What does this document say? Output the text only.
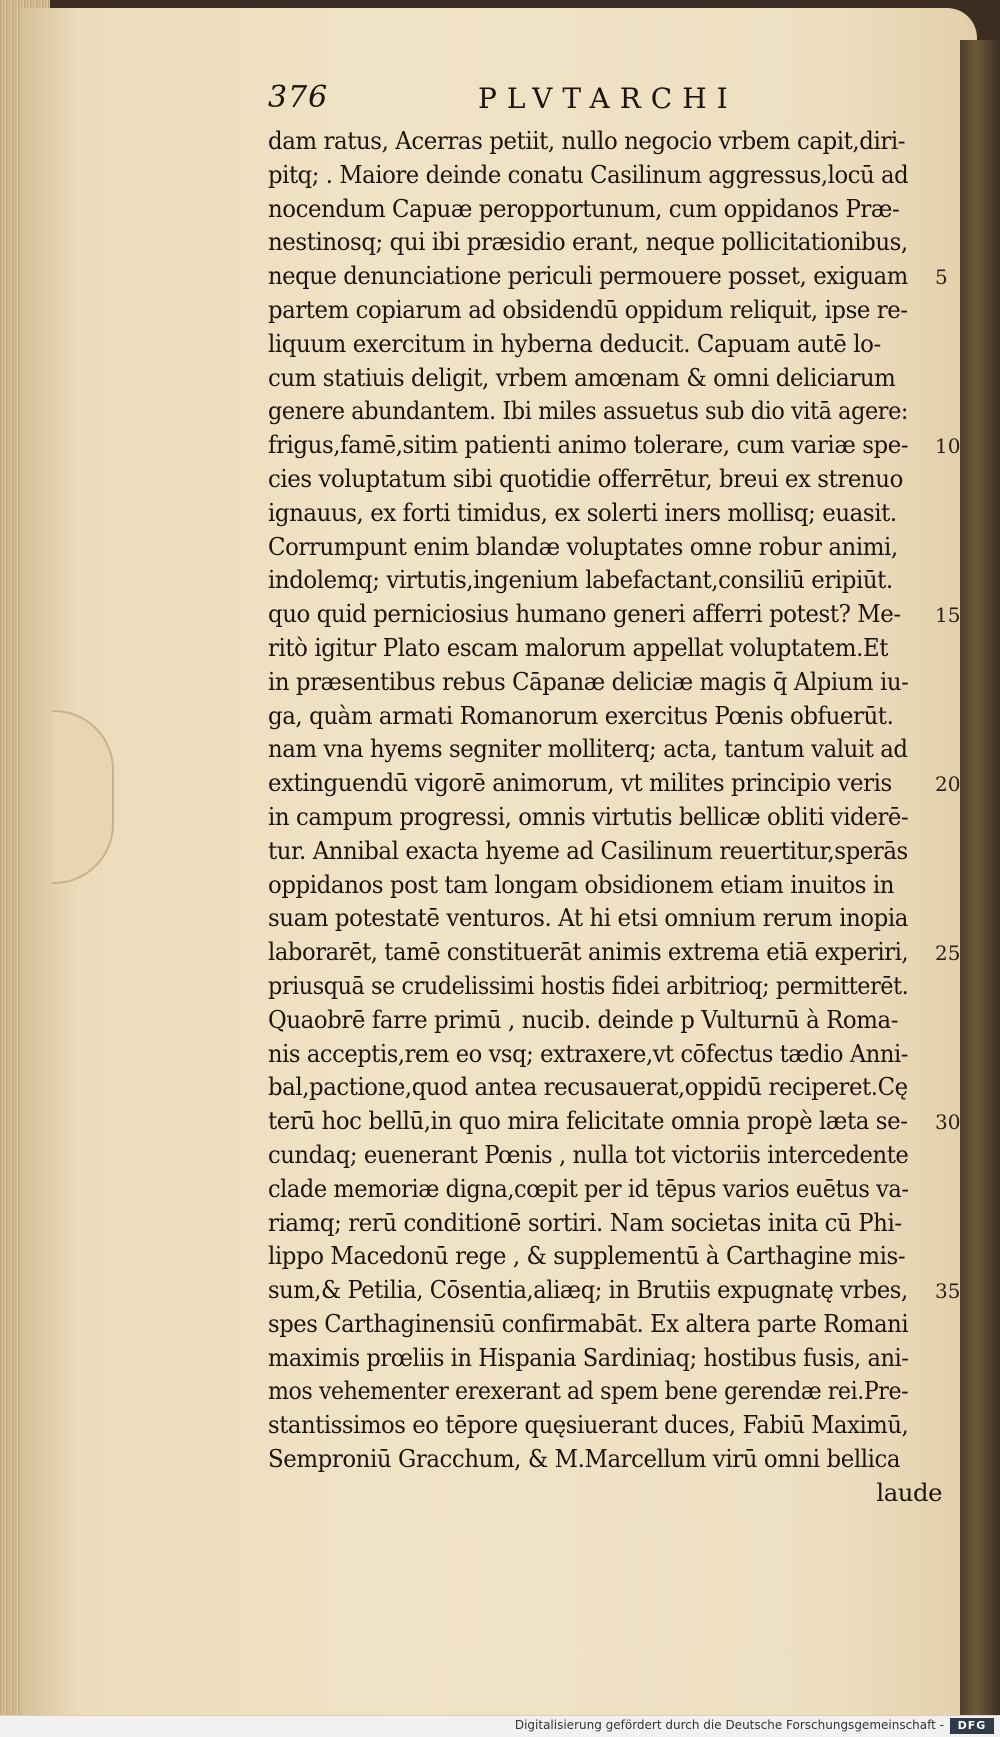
376	PLVTARCHI
dam ratus, Acerras petiit, nullo negocio vrbem capit,diri-
pitq; . Maiore deinde conatu Casilinum aggressus,locū ad
nocendum Capuæ peropportunum, cum oppidanos Præ-
nestinosq; qui ibi præsidio erant, neque pollicitationibus,
neque denunciatione periculi permouere posset, exiguam
partem copiarum ad obsidendū oppidum reliquit, ipse re-
liquum exercitum in hyberna deducit. Capuam autē lo-
cum statiuis deligit, vrbem amœnam & omni deliciarum
genere abundantem. Ibi miles assuetus sub dio vitā agere:
frigus,famē,sitim patienti animo tolerare, cum variæ spe-
cies voluptatum sibi quotidie offerrētur, breui ex strenuo
ignauus, ex forti timidus, ex solerti iners mollisq; euasit.
Corrumpunt enim blandæ voluptates omne robur animi,
indolemq; virtutis,ingenium labefactant,consiliū eripiūt.
quo quid perniciosius humano generi afferri potest? Me-
ritò igitur Plato escam malorum appellat voluptatem.Et
in præsentibus rebus Cāpanæ deliciæ magis q̄ Alpium iu-
ga, quàm armati Romanorum exercitus Pœnis obfuerūt.
nam vna hyems segniter molliterq; acta, tantum valuit ad
extinguendū vigorē animorum, vt milites principio veris
in campum progressi, omnis virtutis bellicæ obliti viderē-
tur. Annibal exacta hyeme ad Casilinum reuertitur,sperās
oppidanos post tam longam obsidionem etiam inuitos in
suam potestatē venturos. At hi etsi omnium rerum inopia
laborarēt, tamē constituerāt animis extrema etiā experiri,
priusquā se crudelissimi hostis fidei arbitrioq; permitterēt.
Quaobrē farre primū , nucib. deinde p Vulturnū à Roma-
nis acceptis,rem eo vsq; extraxere,vt cōfectus tædio Anni-
bal,pactione,quod antea recusauerat,oppidū reciperet.Cę
terū hoc bellū,in quo mira felicitate omnia propè læta se-
cundaq; euenerant Pœnis , nulla tot victoriis intercedente
clade memoriæ digna,cœpit per id tēpus varios euētus va-
riamq; rerū conditionē sortiri. Nam societas inita cū Phi-
lippo Macedonū rege , & supplementū à Carthagine mis-
sum,& Petilia, Cōsentia,aliæq; in Brutiis expugnatę vrbes,
spes Carthaginensiū confirmabāt. Ex altera parte Romani
maximis prœliis in Hispania Sardiniaq; hostibus fusis, ani-
mos vehementer erexerant ad spem bene gerendæ rei.Pre-
stantissimos eo tēpore quęsiuerant duces, Fabiū Maximū,
Semproniū Gracchum, & M.Marcellum virū omni bellica
laude
5
10
15
20
25
30
35
Digitalisierung gefördert durch die Deutsche Forschungsgemeinschaft -	DFG
